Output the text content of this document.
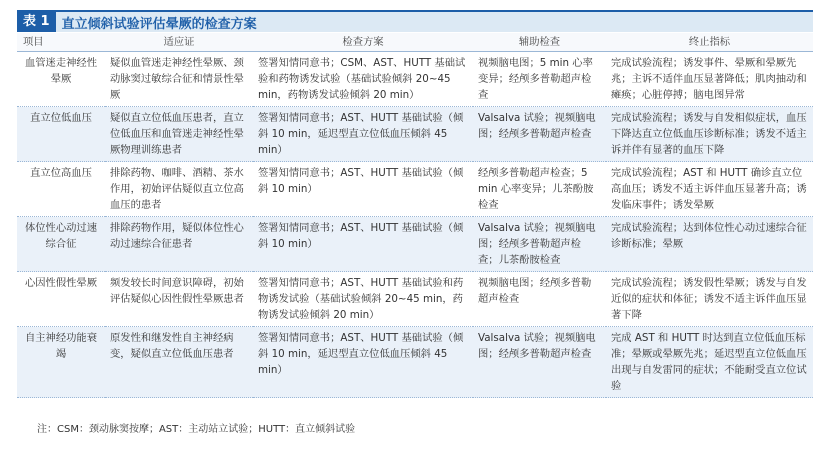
表 1 直立倾斜试验评估晕厥的检查方案
项目	适应证	检查方案	辅助检查	终止指标
血管迷走神经性晕厥	疑似血管迷走神经性晕厥、颈动脉窦过敏综合征和情景性晕厥	签署知情同意书；CSM、AST、HUTT 基础试验和药物诱发试验（基础试验倾斜 20~45 min，药物诱发试验倾斜 20 min）	视频脑电图；5 min 心率变异；经颅多普勒超声检查	完成试验流程；诱发事件、晕厥和晕厥先兆；主诉不适伴血压显著降低；肌肉抽动和瘫痪；心脏停搏；脑电图异常
直立位低血压	疑似直立位低血压患者，直立位低血压和血管迷走神经性晕厥物理训练患者	签署知情同意书；AST、HUTT 基础试验（倾斜 10 min，延迟型直立位低血压倾斜 45 min）	Valsalva 试验；视频脑电图；经颅多普勒超声检查	完成试验流程；诱发与自发相似症状，血压下降达直立位低血压诊断标准；诱发不适主诉并伴有显著的血压下降
直立位高血压	排除药物、咖啡、酒精、茶水作用，初始评估疑似直立位高血压的患者	签署知情同意书；AST、HUTT 基础试验（倾斜 10 min）	经颅多普勒超声检查；5 min 心率变异；儿茶酚胺检查	完成试验流程；AST 和 HUTT 确诊直立位高血压；诱发不适主诉伴血压显著升高；诱发临床事件；诱发晕厥
体位性心动过速综合征	排除药物作用，疑似体位性心动过速综合征患者	签署知情同意书；AST、HUTT 基础试验（倾斜 10 min）	Valsalva 试验；视频脑电图；经颅多普勒超声检查；儿茶酚胺检查	完成试验流程；达到体位性心动过速综合征诊断标准；晕厥
心因性假性晕厥	频发较长时间意识障碍，初始评估疑似心因性假性晕厥患者	签署知情同意书；AST、HUTT 基础试验和药物诱发试验（基础试验倾斜 20~45 min，药物诱发试验倾斜 20 min）	视频脑电图；经颅多普勒超声检查	完成试验流程；诱发假性晕厥；诱发与自发近似的症状和体征；诱发不适主诉伴血压显著下降
自主神经功能衰竭	原发性和继发性自主神经病变，疑似直立位低血压患者	签署知情同意书；AST、HUTT 基础试验（倾斜 10 min，延迟型直立位低血压倾斜 45 min）	Valsalva 试验；视频脑电图；经颅多普勒超声检查	完成 AST 和 HUTT 时达到直立位低血压标准；晕厥或晕厥先兆；延迟型直立位低血压出现与自发雷同的症状；不能耐受直立位试验
注：CSM：颈动脉窦按摩；AST：主动站立试验；HUTT：直立倾斜试验
